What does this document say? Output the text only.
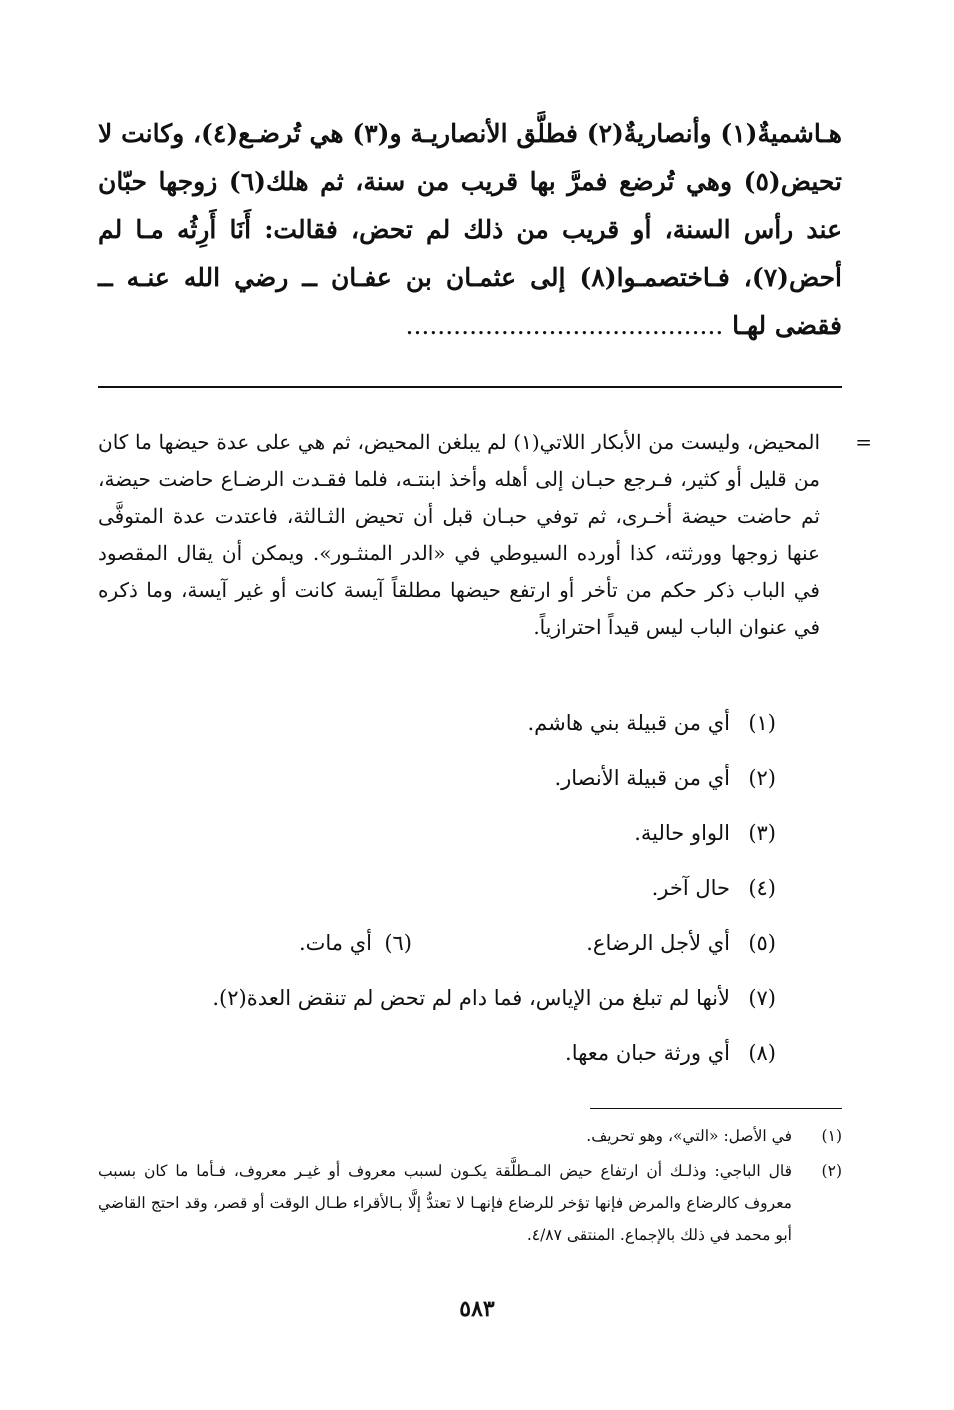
هـاشميةٌ(١) وأنصاريةٌ(٢) فطلَّق الأنصاريـة و(٣) هي تُرضـع(٤)، وكانت لا تحيض(٥) وهي تُرضع فمرَّ بها قريب من سنة، ثم هلك(٦) زوجها حبّان عند رأس السنة، أو قريب من ذلك لم تحض، فقالت: أَنَا أَرِثُه مـا لم أحض(٧)، فـاختصمـوا(٨) إلى عثمـان بن عفـان ــ رضي الله عنـه ــ فقضى لهـا ........................................

=
المحيض، وليست من الأبكار اللاتي(١) لم يبلغن المحيض، ثم هي على عدة حيضها ما كان من قليل أو كثير، فـرجع حبـان إلى أهله وأخذ ابنتـه، فلما فقـدت الرضـاع حاضت حيضة، ثم حاضت حيضة أخـرى، ثم توفي حبـان قبل أن تحيض الثـالثة، فاعتدت عدة المتوفَّى عنها زوجها وورثته، كذا أورده السيوطي في «الدر المنثـور». ويمكن أن يقال المقصود في الباب ذكر حكم من تأخر أو ارتفع حيضها مطلقاً آيسة كانت أو غير آيسة، وما ذكره في عنوان الباب ليس قيداً احترازياً.

(١)
أي من قبيلة بني هاشم.
(٢)
أي من قبيلة الأنصار.
(٣)
الواو حالية.
(٤)
حال آخر.
(٥)
أي لأجل الرضاع.
(٦)
أي مات.
(٧)
لأنها لم تبلغ من الإياس، فما دام لم تحض لم تنقض العدة(٢).
(٨)
أي ورثة حبان معها.
(١)
في الأصل: «التي»، وهو تحريف.
(٢)
قال الباجي: وذلـك أن ارتفاع حيض المـطلَّقة يكـون لسبب معروف أو غيـر معروف، فـأما ما كان بسبب معروف كالرضاع والمرض فإنها تؤخر للرضاع فإنهـا لا تعتدُّ إلَّا بـالأقراء طـال الوقت أو قصر، وقد احتج القاضي أبو محمد في ذلك بالإجماع. المنتقى ٤/٨٧.
٥٨٣
